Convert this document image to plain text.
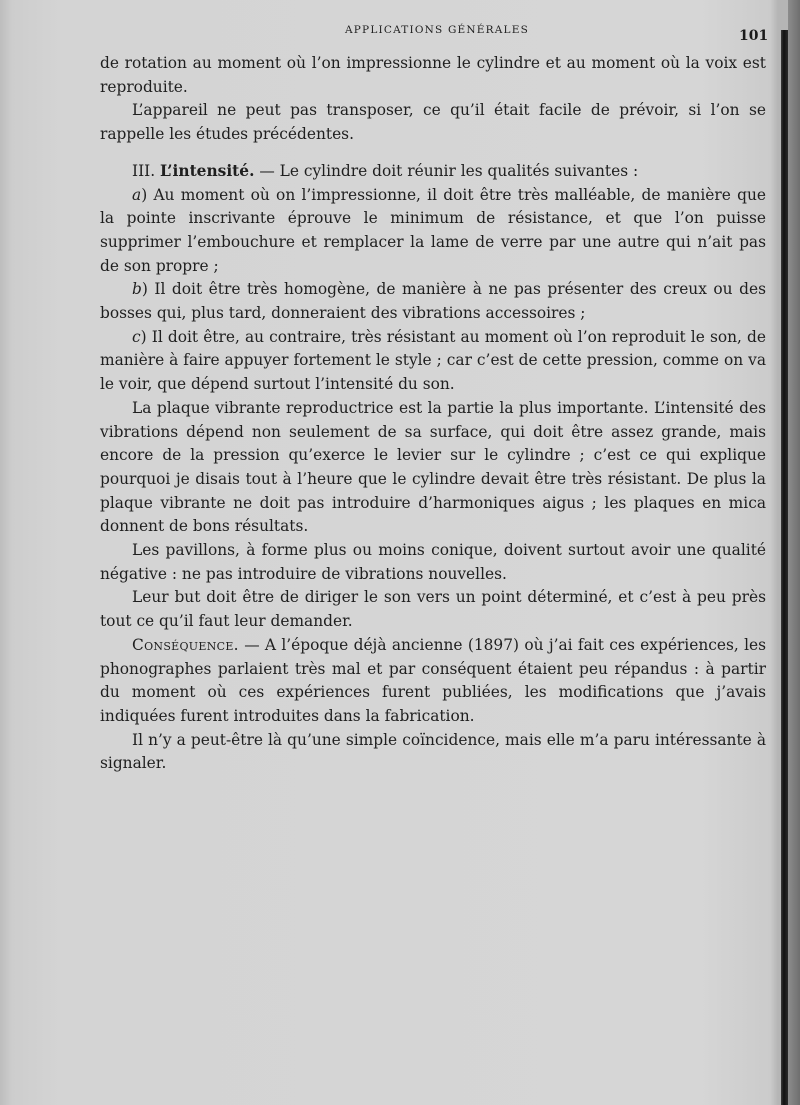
APPLICATIONS GÉNÉRALES	101

de rotation au moment où l’on impressionne le cylindre et au moment où la voix est reproduite.

L’appareil ne peut pas transposer, ce qu’il était facile de prévoir, si l’on se rappelle les études précédentes.

III. L’intensité. — Le cylindre doit réunir les qualités suivantes :

a) Au moment où on l’impressionne, il doit être très malléable, de manière que la pointe inscrivante éprouve le minimum de résistance, et que l’on puisse supprimer l’embouchure et remplacer la lame de verre par une autre qui n’ait pas de son propre ;

b) Il doit être très homogène, de manière à ne pas présenter des creux ou des bosses qui, plus tard, donneraient des vibrations accessoires ;

c) Il doit être, au contraire, très résistant au moment où l’on reproduit le son, de manière à faire appuyer fortement le style ; car c’est de cette pression, comme on va le voir, que dépend surtout l’intensité du son.

La plaque vibrante reproductrice est la partie la plus importante. L’intensité des vibrations dépend non seulement de sa surface, qui doit être assez grande, mais encore de la pression qu’exerce le levier sur le cylindre ; c’est ce qui explique pourquoi je disais tout à l’heure que le cylindre devait être très résistant. De plus la plaque vibrante ne doit pas introduire d’harmoniques aigus ; les plaques en mica donnent de bons résultats.

Les pavillons, à forme plus ou moins conique, doivent surtout avoir une qualité négative : ne pas introduire de vibrations nouvelles.

Leur but doit être de diriger le son vers un point déterminé, et c’est à peu près tout ce qu’il faut leur demander.

Conséquence. — A l’époque déjà ancienne (1897) où j’ai fait ces expériences, les phonographes parlaient très mal et par conséquent étaient peu répandus : à partir du moment où ces expériences furent publiées, les modifications que j’avais indiquées furent introduites dans la fabrication.

Il n’y a peut-être là qu’une simple coïncidence, mais elle m’a paru intéressante à signaler.
